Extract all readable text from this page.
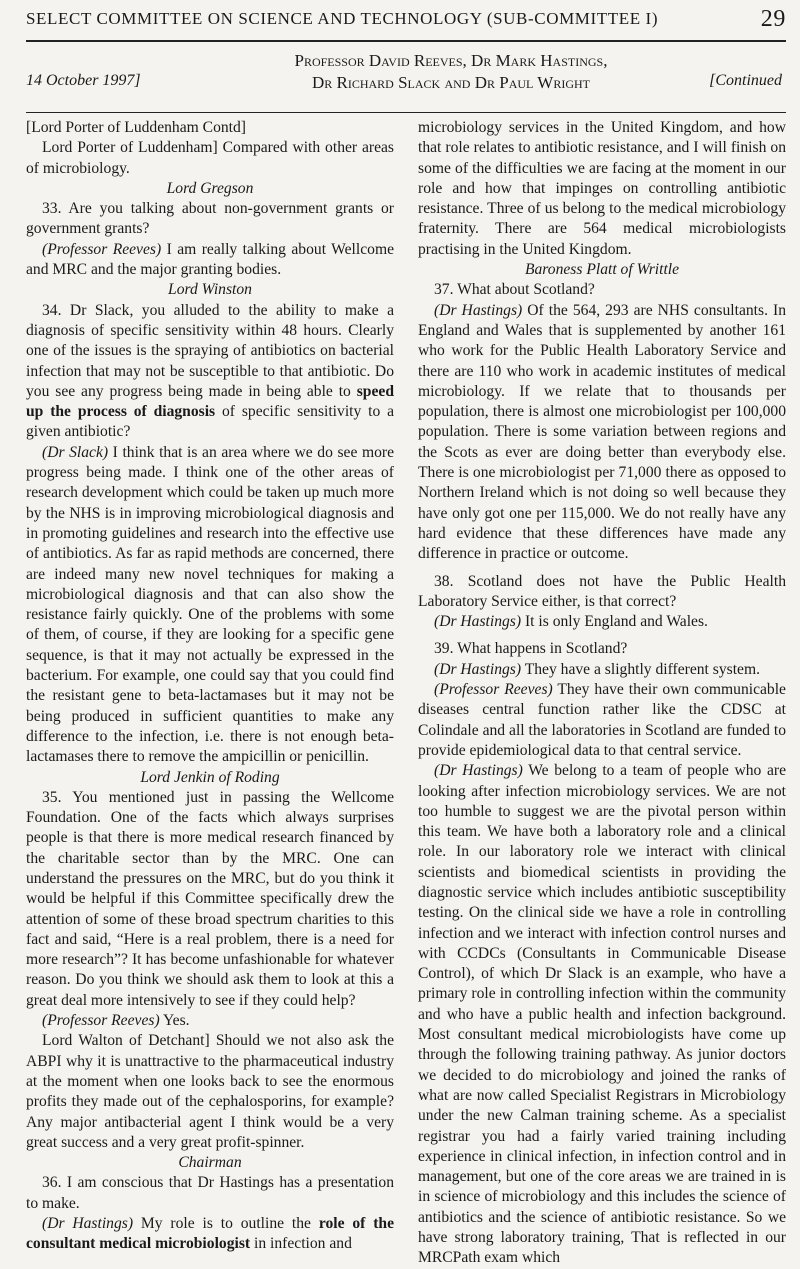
SELECT COMMITTEE ON SCIENCE AND TECHNOLOGY (SUB-COMMITTEE I)	29
14 October 1997]
Professor David Reeves, Dr Mark Hastings,
Dr Richard Slack and Dr Paul Wright	[Continued

[Lord Porter of Luddenham Contd]

Lord Porter of Luddenham] Compared with other areas of microbiology.

Lord Gregson

33. Are you talking about non-government grants or government grants?

(Professor Reeves) I am really talking about Wellcome and MRC and the major granting bodies.

Lord Winston

34. Dr Slack, you alluded to the ability to make a diagnosis of specific sensitivity within 48 hours. Clearly one of the issues is the spraying of antibiotics on bacterial infection that may not be susceptible to that antibiotic. Do you see any progress being made in being able to speed up the process of diagnosis of specific sensitivity to a given antibiotic?

(Dr Slack) I think that is an area where we do see more progress being made. I think one of the other areas of research development which could be taken up much more by the NHS is in improving microbiological diagnosis and in promoting guidelines and research into the effective use of antibiotics. As far as rapid methods are concerned, there are indeed many new novel techniques for making a microbiological diagnosis and that can also show the resistance fairly quickly. One of the problems with some of them, of course, if they are looking for a specific gene sequence, is that it may not actually be expressed in the bacterium. For example, one could say that you could find the resistant gene to beta-lactamases but it may not be being produced in sufficient quantities to make any difference to the infection, i.e. there is not enough beta-lactamases there to remove the ampicillin or penicillin.

Lord Jenkin of Roding

35. You mentioned just in passing the Wellcome Foundation. One of the facts which always surprises people is that there is more medical research financed by the charitable sector than by the MRC. One can understand the pressures on the MRC, but do you think it would be helpful if this Committee specifically drew the attention of some of these broad spectrum charities to this fact and said, “Here is a real problem, there is a need for more research”? It has become unfashionable for whatever reason. Do you think we should ask them to look at this a great deal more intensively to see if they could help?

(Professor Reeves) Yes.

Lord Walton of Detchant] Should we not also ask the ABPI why it is unattractive to the pharmaceutical industry at the moment when one looks back to see the enormous profits they made out of the cephalosporins, for example? Any major antibacterial agent I think would be a very great success and a very great profit-spinner.

Chairman

36. I am conscious that Dr Hastings has a presentation to make.

(Dr Hastings) My role is to outline the role of the consultant medical microbiologist in infection and

microbiology services in the United Kingdom, and how that role relates to antibiotic resistance, and I will finish on some of the difficulties we are facing at the moment in our role and how that impinges on controlling antibiotic resistance. Three of us belong to the medical microbiology fraternity. There are 564 medical microbiologists practising in the United Kingdom.

Baroness Platt of Writtle

37. What about Scotland?

(Dr Hastings) Of the 564, 293 are NHS consultants. In England and Wales that is supplemented by another 161 who work for the Public Health Laboratory Service and there are 110 who work in academic institutes of medical microbiology. If we relate that to thousands per population, there is almost one microbiologist per 100,000 population. There is some variation between regions and the Scots as ever are doing better than everybody else. There is one microbiologist per 71,000 there as opposed to Northern Ireland which is not doing so well because they have only got one per 115,000. We do not really have any hard evidence that these differences have made any difference in practice or outcome.

38. Scotland does not have the Public Health Laboratory Service either, is that correct?

(Dr Hastings) It is only England and Wales.

39. What happens in Scotland?

(Dr Hastings) They have a slightly different system.

(Professor Reeves) They have their own communicable diseases central function rather like the CDSC at Colindale and all the laboratories in Scotland are funded to provide epidemiological data to that central service.

(Dr Hastings) We belong to a team of people who are looking after infection microbiology services. We are not too humble to suggest we are the pivotal person within this team. We have both a laboratory role and a clinical role. In our laboratory role we interact with clinical scientists and biomedical scientists in providing the diagnostic service which includes antibiotic susceptibility testing. On the clinical side we have a role in controlling infection and we interact with infection control nurses and with CCDCs (Consultants in Communicable Disease Control), of which Dr Slack is an example, who have a primary role in controlling infection within the community and who have a public health and infection background. Most consultant medical microbiologists have come up through the following training pathway. As junior doctors we decided to do microbiology and joined the ranks of what are now called Specialist Registrars in Microbiology under the new Calman training scheme. As a specialist registrar you had a fairly varied training including experience in clinical infection, in infection control and in management, but one of the core areas we are trained in is in science of microbiology and this includes the science of antibiotics and the science of antibiotic resistance. So we have strong laboratory training, That is reflected in our MRCPath exam which
